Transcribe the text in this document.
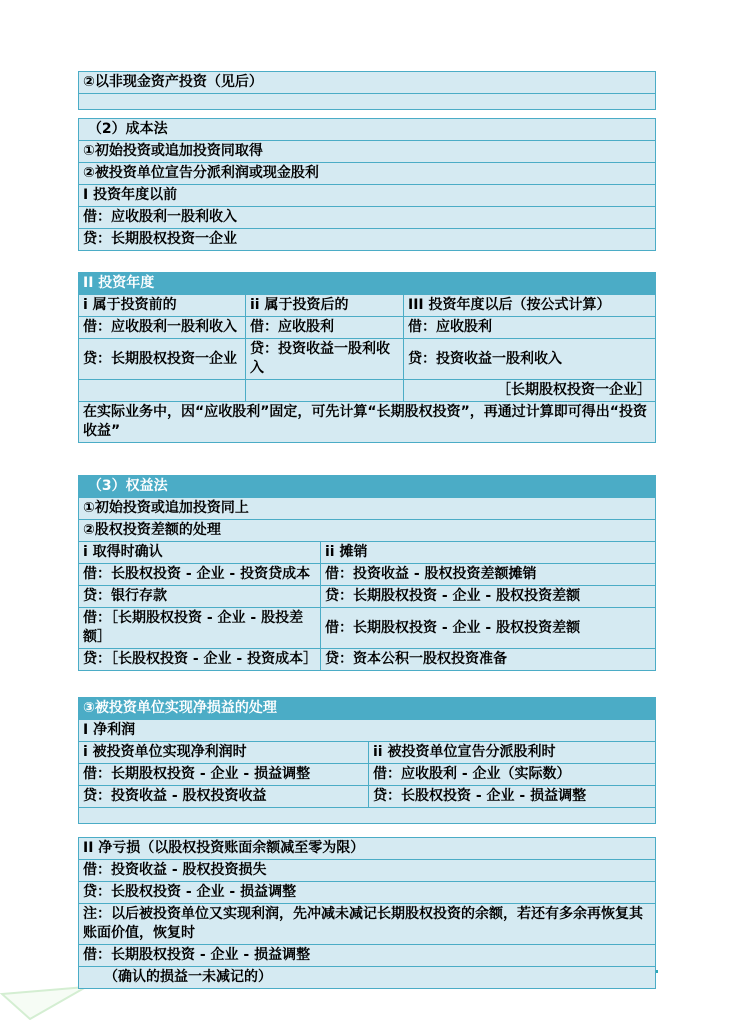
②以非现金资产投资（见后）

（2）成本法
①初始投资或追加投资同取得
②被投资单位宣告分派利润或现金股利
I 投资年度以前
借：应收股利一股利收入
贷：长期股权投资一企业
II 投资年度		
i 属于投资前的	ii 属于投资后的	III 投资年度以后（按公式计算）
借：应收股利一股利收入	借：应收股利	借：应收股利
贷：长期股权投资一企业	贷：投资收益一股利收入	贷：投资收益一股利收入
		［长期股权投资一企业］
在实际业务中，因“应收股利”固定，可先计算“长期股权投资”，再通过计算即可得出“投资收益”		
（3）权益法	
①初始投资或追加投资同上	
②股权投资差额的处理	
i 取得时确认	ii 摊销
借：长股权投资 - 企业 - 投资贷成本	借：投资收益 - 股权投资差额摊销
贷：银行存款	贷：长期股权投资 - 企业 - 股权投资差额
借：［长期股权投资 - 企业 - 股投差额］	借：长期股权投资 - 企业 - 股权投资差额
贷：［长股权投资 - 企业 - 投资成本］	贷：资本公积一股权投资准备
③被投资单位实现净损益的处理	
I 净利润	
i 被投资单位实现净利润时	ii 被投资单位宣告分派股利时
借：长期股权投资 - 企业 - 损益调整	借：应收股利 - 企业（实际数）
贷：投资收益 - 股权投资收益	贷：长股权投资 - 企业 - 损益调整

II 净亏损（以股权投资账面余额减至零为限）
借：投资收益 - 股权投资损失
贷：长股权投资 - 企业 - 损益调整
注：以后被投资单位又实现利润，先冲减未减记长期股权投资的余额，若还有多余再恢复其账面价值，恢复时
借：长期股权投资 - 企业 - 损益调整
　　（确认的损益一未减记的）
